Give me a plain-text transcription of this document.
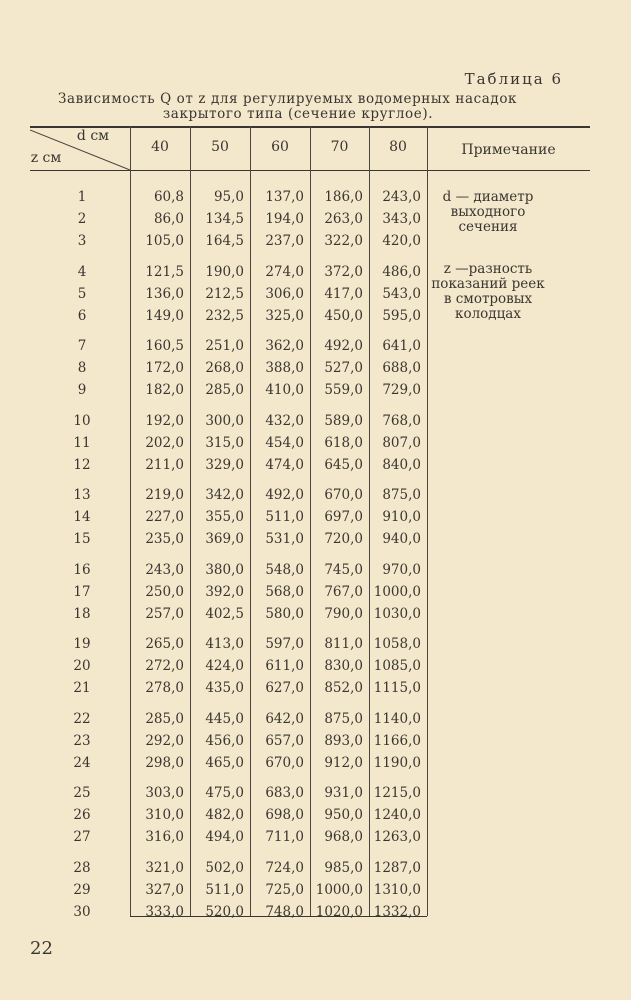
Таблица 6
Зависимость Q от z для регулируемых водомерных насадок
закрытого типа (сечение круглое).
d см
z см
40	50	60	70	80	Примечание
1	60,8	95,0	137,0	186,0	243,0
2	86,0	134,5	194,0	263,0	343,0
3	105,0	164,5	237,0	322,0	420,0
4	121,5	190,0	274,0	372,0	486,0
5	136,0	212,5	306,0	417,0	543,0
6	149,0	232,5	325,0	450,0	595,0
7	160,5	251,0	362,0	492,0	641,0
8	172,0	268,0	388,0	527,0	688,0
9	182,0	285,0	410,0	559,0	729,0
10	192,0	300,0	432,0	589,0	768,0
11	202,0	315,0	454,0	618,0	807,0
12	211,0	329,0	474,0	645,0	840,0
13	219,0	342,0	492,0	670,0	875,0
14	227,0	355,0	511,0	697,0	910,0
15	235,0	369,0	531,0	720,0	940,0
16	243,0	380,0	548,0	745,0	970,0
17	250,0	392,0	568,0	767,0 1000,0
18	257,0	402,5	580,0	790,0 1030,0
19	265,0	413,0	597,0	811,0 1058,0
20	272,0	424,0	611,0	830,0 1085,0
21	278,0	435,0	627,0	852,0 1115,0
22	285,0	445,0	642,0	875,0 1140,0
23	292,0	456,0	657,0	893,0 1166,0
24	298,0	465,0	670,0	912,0 1190,0
25	303,0	475,0	683,0	931,0 1215,0
26	310,0	482,0	698,0	950,0 1240,0
27	316,0	494,0	711,0	968,0 1263,0
28	321,0	502,0	724,0	985,0 1287,0
29	327,0	511,0	725,0 1000,0 1310,0
30	333,0	520,0	748,0 1020,0 1332,0
d — диаметр
выходного
сечения
z —разность
показаний реек
в смотровых
колодцах
22
